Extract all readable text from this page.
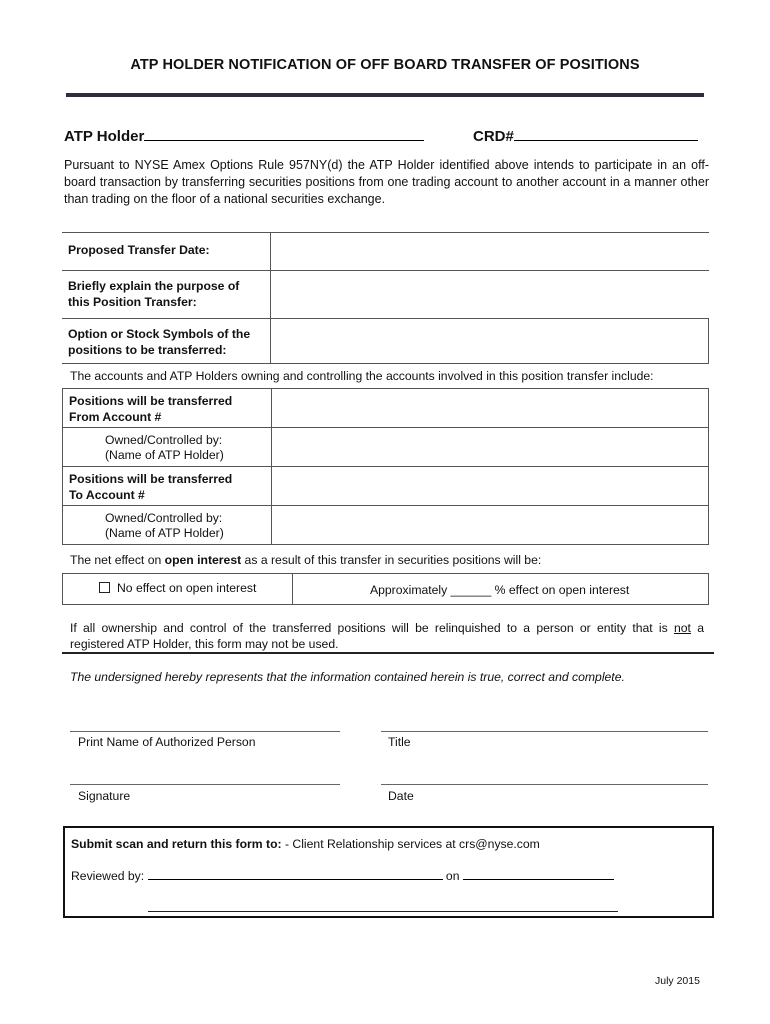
ATP HOLDER NOTIFICATION OF OFF BOARD TRANSFER OF POSITIONS
ATP Holder	CRD#
Pursuant to NYSE Amex Options Rule 957NY(d) the ATP Holder identified above intends to participate in an off-board transaction by transferring securities positions from one trading account to another account in a manner other than trading on the floor of a national securities exchange.
Proposed Transfer Date:	

Briefly explain the purpose of
this Position Transfer:	

Option or Stock Symbols of the
positions to be transferred:	

The accounts and ATP Holders owning and controlling the accounts involved in this position transfer include:
Positions will be transferred
From Account #	

Owned/Controlled by:
(Name of ATP Holder)	

Positions will be transferred
To Account #	

Owned/Controlled by:
(Name of ATP Holder)	

The net effect on open interest as a result of this transfer in securities positions will be:
No effect on open interest	Approximately ______ % effect on open interest
If all ownership and control of the transferred positions will be relinquished to a person or entity that is not a registered ATP Holder, this form may not be used.
The undersigned hereby represents that the information contained herein is true, correct and complete.
Print Name of Authorized Person	Title
Signature	Date
Submit scan and return this form to: - Client Relationship services at crs@nyse.com
Reviewed by:	on
July 2015
